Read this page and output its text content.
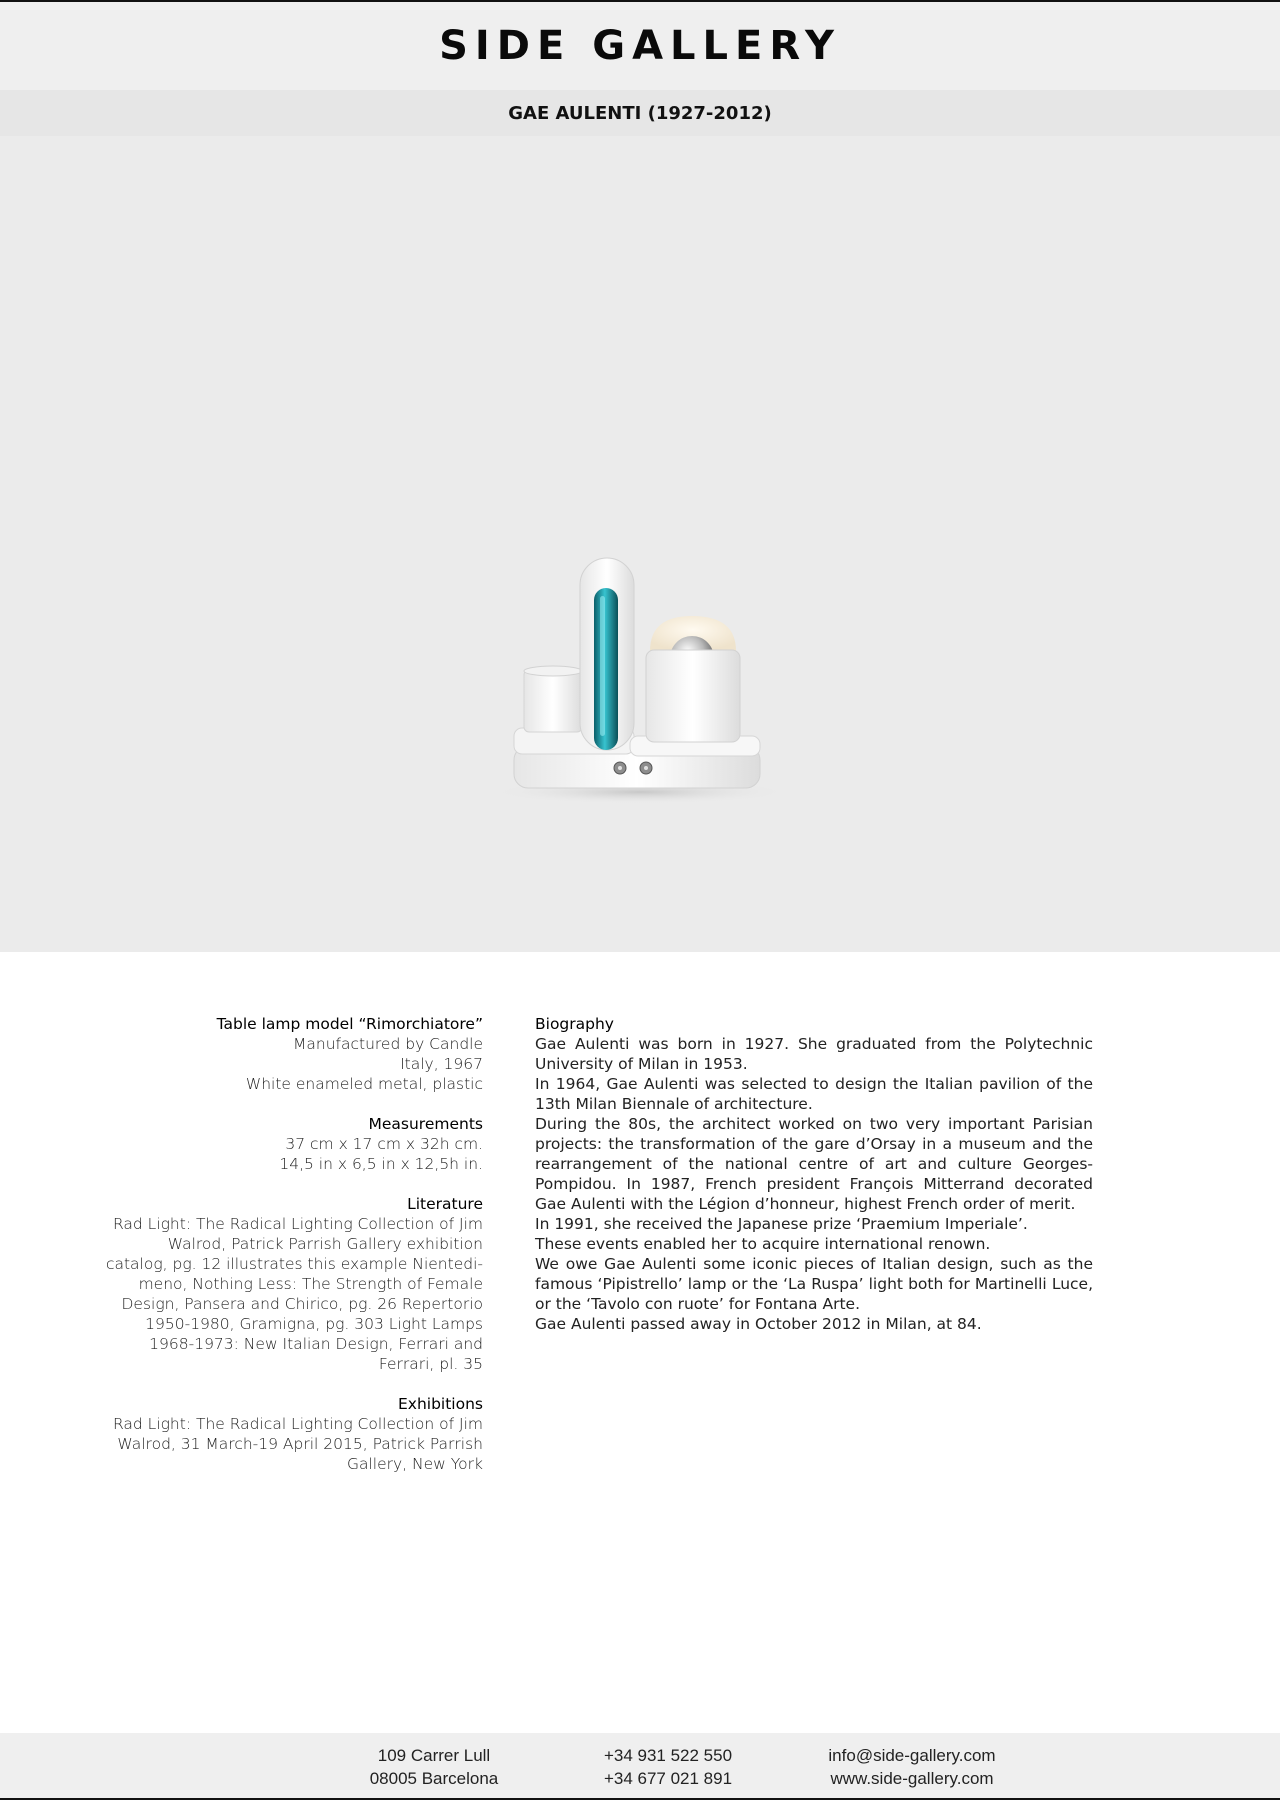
SIDE GALLERY
GAE AULENTI (1927-2012)
Table lamp model “Rimorchiatore”
Manufactured by Candle
Italy, 1967
White enameled metal, plastic
Measurements
37 cm x 17 cm x 32h cm.
14,5 in x 6,5 in x 12,5h in.
Literature
Rad Light: The Radical Lighting Collection of Jim
Walrod, Patrick Parrish Gallery exhibition
catalog, pg. 12 illustrates this example Nientedi-
meno, Nothing Less: The Strength of Female
Design, Pansera and Chirico, pg. 26 Repertorio
1950-1980, Gramigna, pg. 303 Light Lamps
1968-1973: New Italian Design, Ferrari and
Ferrari, pl. 35
Exhibitions
Rad Light: The Radical Lighting Collection of Jim
Walrod, 31 March-19 April 2015, Patrick Parrish
Gallery, New York
Biography
Gae Aulenti was born in 1927. She graduated from the Polytechnic University of Milan in 1953.
In 1964, Gae Aulenti was selected to design the Italian pavilion of the 13th Milan Biennale of architecture.
During the 80s, the architect worked on two very important Parisian projects: the transformation of the gare d’Orsay in a museum and the rearrangement of the national centre of art and culture Georges-Pompidou. In 1987, French president François Mitterrand decorated Gae Aulenti with the Légion d’honneur, highest French order of merit.
In 1991, she received the Japanese prize ‘Praemium Imperiale’.
These events enabled her to acquire international renown.
We owe Gae Aulenti some iconic pieces of Italian design, such as the famous ‘Pipistrello’ lamp or the ‘La Ruspa’ light both for Martinelli Luce, or the ‘Tavolo con ruote’ for Fontana Arte.
Gae Aulenti passed away in October 2012 in Milan, at 84.
109 Carrer Lull
08005 Barcelona
+34 931 522 550
+34 677 021 891
info@side-gallery.com
www.side-gallery.com
